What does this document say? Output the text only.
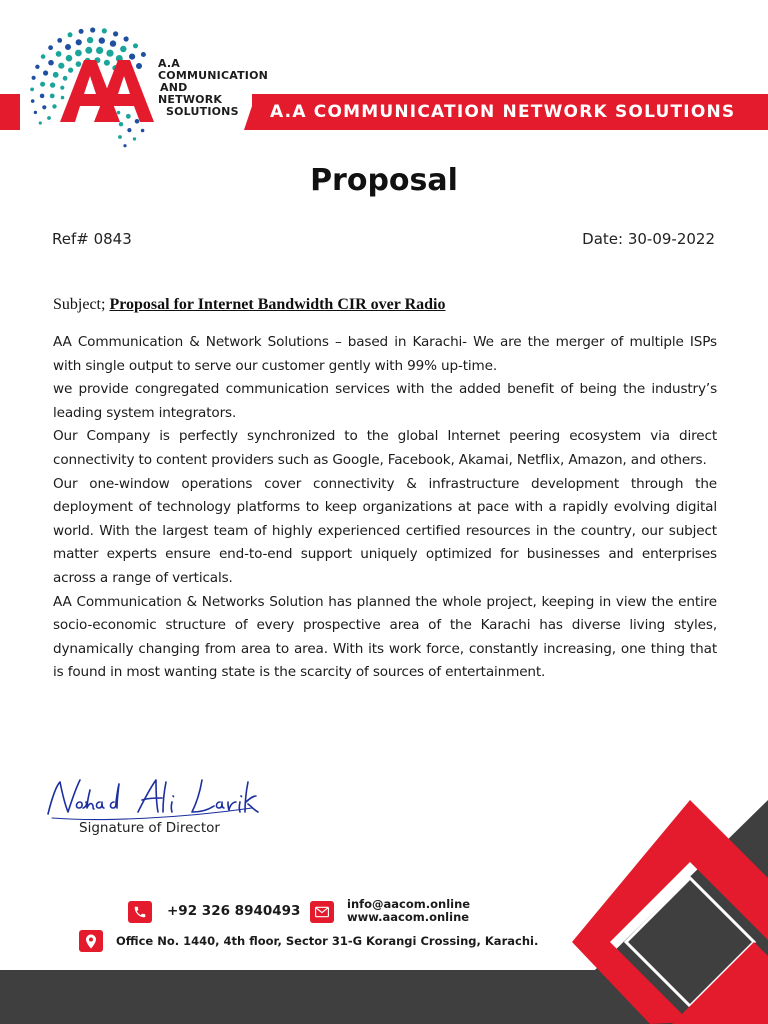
A.A COMMUNICATION
AND
NETWORK
SOLUTIONS	A.A COMMUNICATION NETWORK SOLUTIONS
Proposal
Ref# 0843	Date: 30-09-2022
Subject; Proposal for Internet Bandwidth CIR over Radio

AA Communication & Network Solutions – based in Karachi- We are the merger of multiple ISPs with single output to serve our customer gently with 99% up-time.

we provide congregated communication services with the added benefit of being the industry’s leading system integrators.

Our Company is perfectly synchronized to the global Internet peering ecosystem via direct connectivity to content providers such as Google, Facebook, Akamai, Netflix, Amazon, and others.

Our one-window operations cover connectivity & infrastructure development through the deployment of technology platforms to keep organizations at pace with a rapidly evolving digital world. With the largest team of highly experienced certified resources in the country, our subject matter experts ensure end-to-end support uniquely optimized for businesses and enterprises across a range of verticals.

AA Communication & Networks Solution has planned the whole project, keeping in view the entire socio-economic structure of every prospective area of the Karachi has diverse living styles, dynamically changing from area to area. With its work force, constantly increasing, one thing that is found in most wanting state is the scarcity of sources of entertainment.

Signature of Director
+92 326 8940493	info@aacom.online
www.aacom.online
Office No. 1440, 4th floor, Sector 31-G Korangi Crossing, Karachi.
